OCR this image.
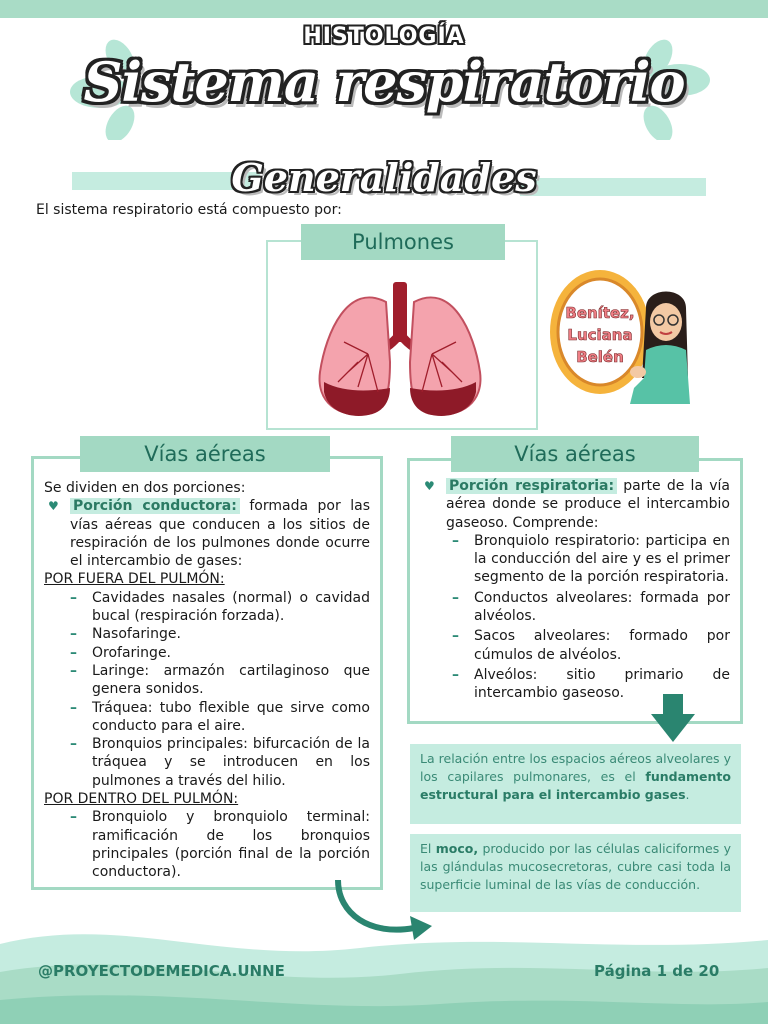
HISTOLOGÍA
Sistema respiratorio
Generalidades
El sistema respiratorio está compuesto por:
Pulmones
Benítez,
Luciana
Belén
Se dividen en dos porciones:
♥ Porción conductora: formada por las vías aéreas que conducen a los sitios de respiración de los pulmones donde ocurre el intercambio de gases:
POR FUERA DEL PULMÓN:
– Cavidades nasales (normal) o cavidad bucal (respiración forzada).
– Nasofaringe.
– Orofaringe.
– Laringe: armazón cartilaginoso que genera sonidos.
– Tráquea: tubo flexible que sirve como conducto para el aire.
– Bronquios principales: bifurcación de la tráquea y se introducen en los pulmones a través del hilio.
POR DENTRO DEL PULMÓN:
– Bronquiolo y bronquiolo terminal: ramificación de los bronquios principales (porción final de la porción conductora).
Vías aéreas
♥ Porción respiratoria: parte de la vía aérea donde se produce el intercambio gaseoso. Comprende:
– Bronquiolo respiratorio: participa en la conducción del aire y es el primer segmento de la porción respiratoria.
– Conductos alveolares: formada por alvéolos.
– Sacos alveolares: formado por cúmulos de alvéolos.
– Alveólos: sitio primario de intercambio gaseoso.
Vías aéreas
La relación entre los espacios aéreos alveolares y los capilares pulmonares, es el fundamento estructural para el intercambio gases.
El moco, producido por las células caliciformes y las glándulas mucosecretoras, cubre casi toda la superficie luminal de las vías de conducción.
@PROYECTODEMEDICA.UNNE	Página 1 de 20
